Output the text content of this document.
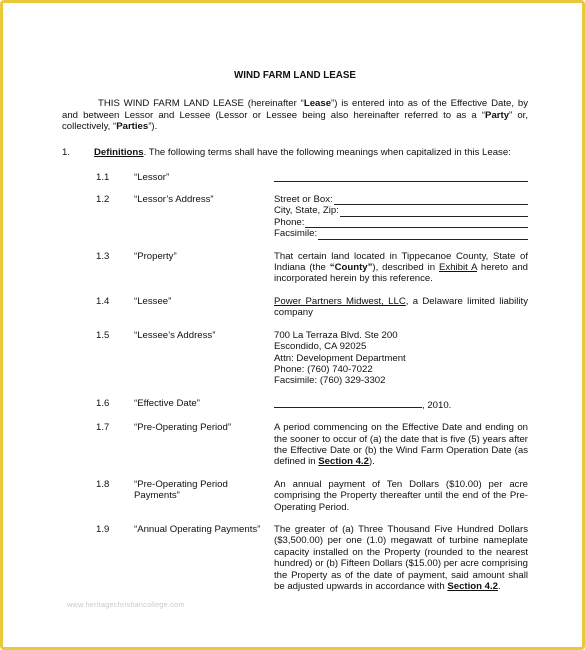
WIND FARM LAND LEASE

THIS WIND FARM LAND LEASE (hereinafter “Lease”) is entered into as of the Effective Date, by and between Lessor and Lessee (Lessor or Lessee being also hereinafter referred to as a “Party” or, collectively, “Parties”).

1. Definitions. The following terms shall have the following meanings when capitalized in this Lease:

1.1	“Lessor”
1.2	“Lessor’s Address”	Street or Box:
City, State, Zip:
Phone:
Facsimile:
1.3	“Property”	That certain land located in Tippecanoe County, State of Indiana (the “County”), described in Exhibit A hereto and incorporated herein by this reference.
1.4	“Lessee”	Power Partners Midwest, LLC, a Delaware limited liability company
1.5	“Lessee’s Address”	700 La Terraza Blvd. Ste 200
Escondido, CA 92025
Attn: Development Department
Phone: (760) 740-7022
Facsimile: (760) 329-3302
1.6	“Effective Date”	, 2010.
1.7	“Pre-Operating Period”	A period commencing on the Effective Date and ending on the sooner to occur of (a) the date that is five (5) years after the Effective Date or (b) the Wind Farm Operation Date (as defined in Section 4.2).
1.8	“Pre-Operating Period Payments”
An annual payment of Ten Dollars ($10.00) per acre comprising the Property thereafter until the end of the Pre-Operating Period.
1.9	“Annual Operating Payments”	The greater of (a) Three Thousand Five Hundred Dollars ($3,500.00) per one (1.0) megawatt of turbine nameplate capacity installed on the Property (rounded to the nearest hundred) or (b) Fifteen Dollars ($15.00) per acre comprising the Property as of the date of payment, said amount shall be adjusted upwards in accordance with Section 4.2.
www.heritagechristiancollege.com
